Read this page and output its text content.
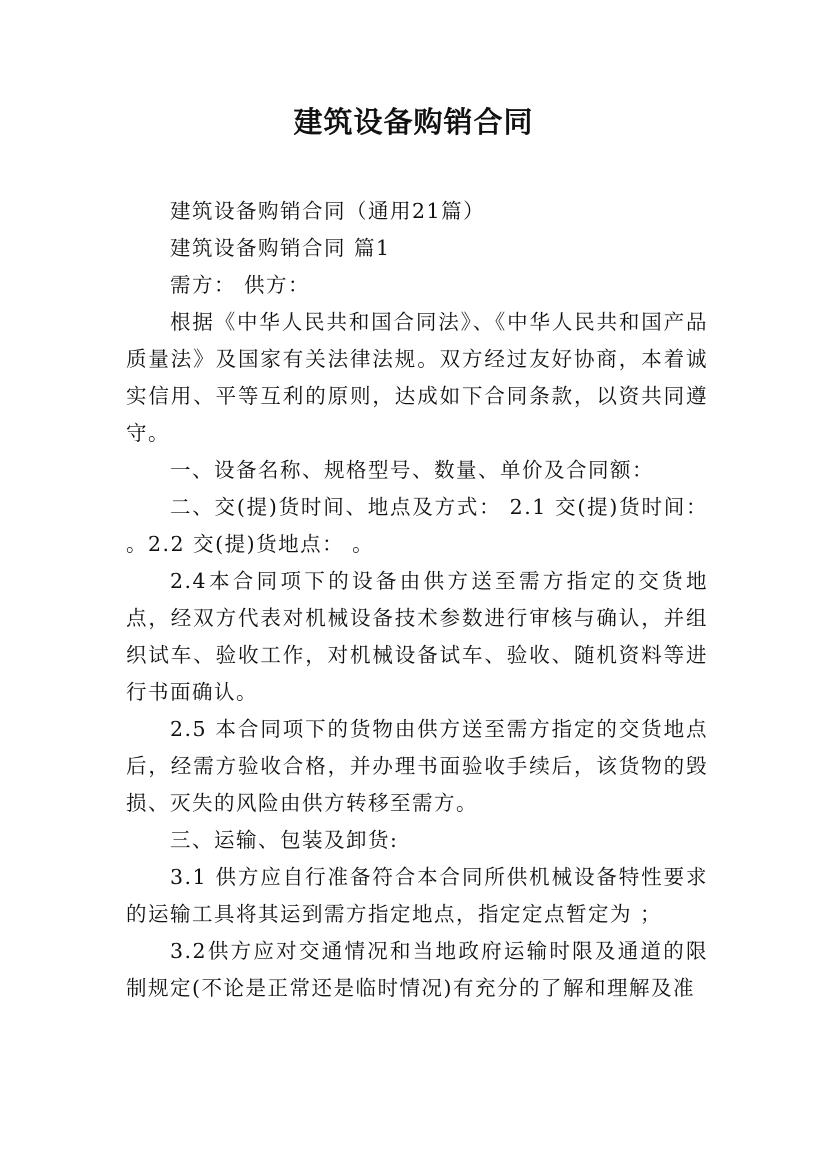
建筑设备购销合同

建筑设备购销合同（通用21篇）

建筑设备购销合同 篇1

需方： 供方：

根据《中华人民共和国合同法》、《中华人民共和国产品质量法》及国家有关法律法规。双方经过友好协商，本着诚实信用、平等互利的原则，达成如下合同条款，以资共同遵守。

一、设备名称、规格型号、数量、单价及合同额：

二、交(提)货时间、地点及方式： 2.1 交(提)货时间： 。2.2 交(提)货地点： 。

2.4本合同项下的设备由供方送至需方指定的交货地点，经双方代表对机械设备技术参数进行审核与确认，并组织试车、验收工作，对机械设备试车、验收、随机资料等进行书面确认。

2.5 本合同项下的货物由供方送至需方指定的交货地点后，经需方验收合格，并办理书面验收手续后，该货物的毁损、灭失的风险由供方转移至需方。

三、运输、包装及卸货:

3.1 供方应自行准备符合本合同所供机械设备特性要求的运输工具将其运到需方指定地点，指定定点暂定为 ；

3.2供方应对交通情况和当地政府运输时限及通道的限制规定(不论是正常还是临时情况)有充分的了解和理解及准
